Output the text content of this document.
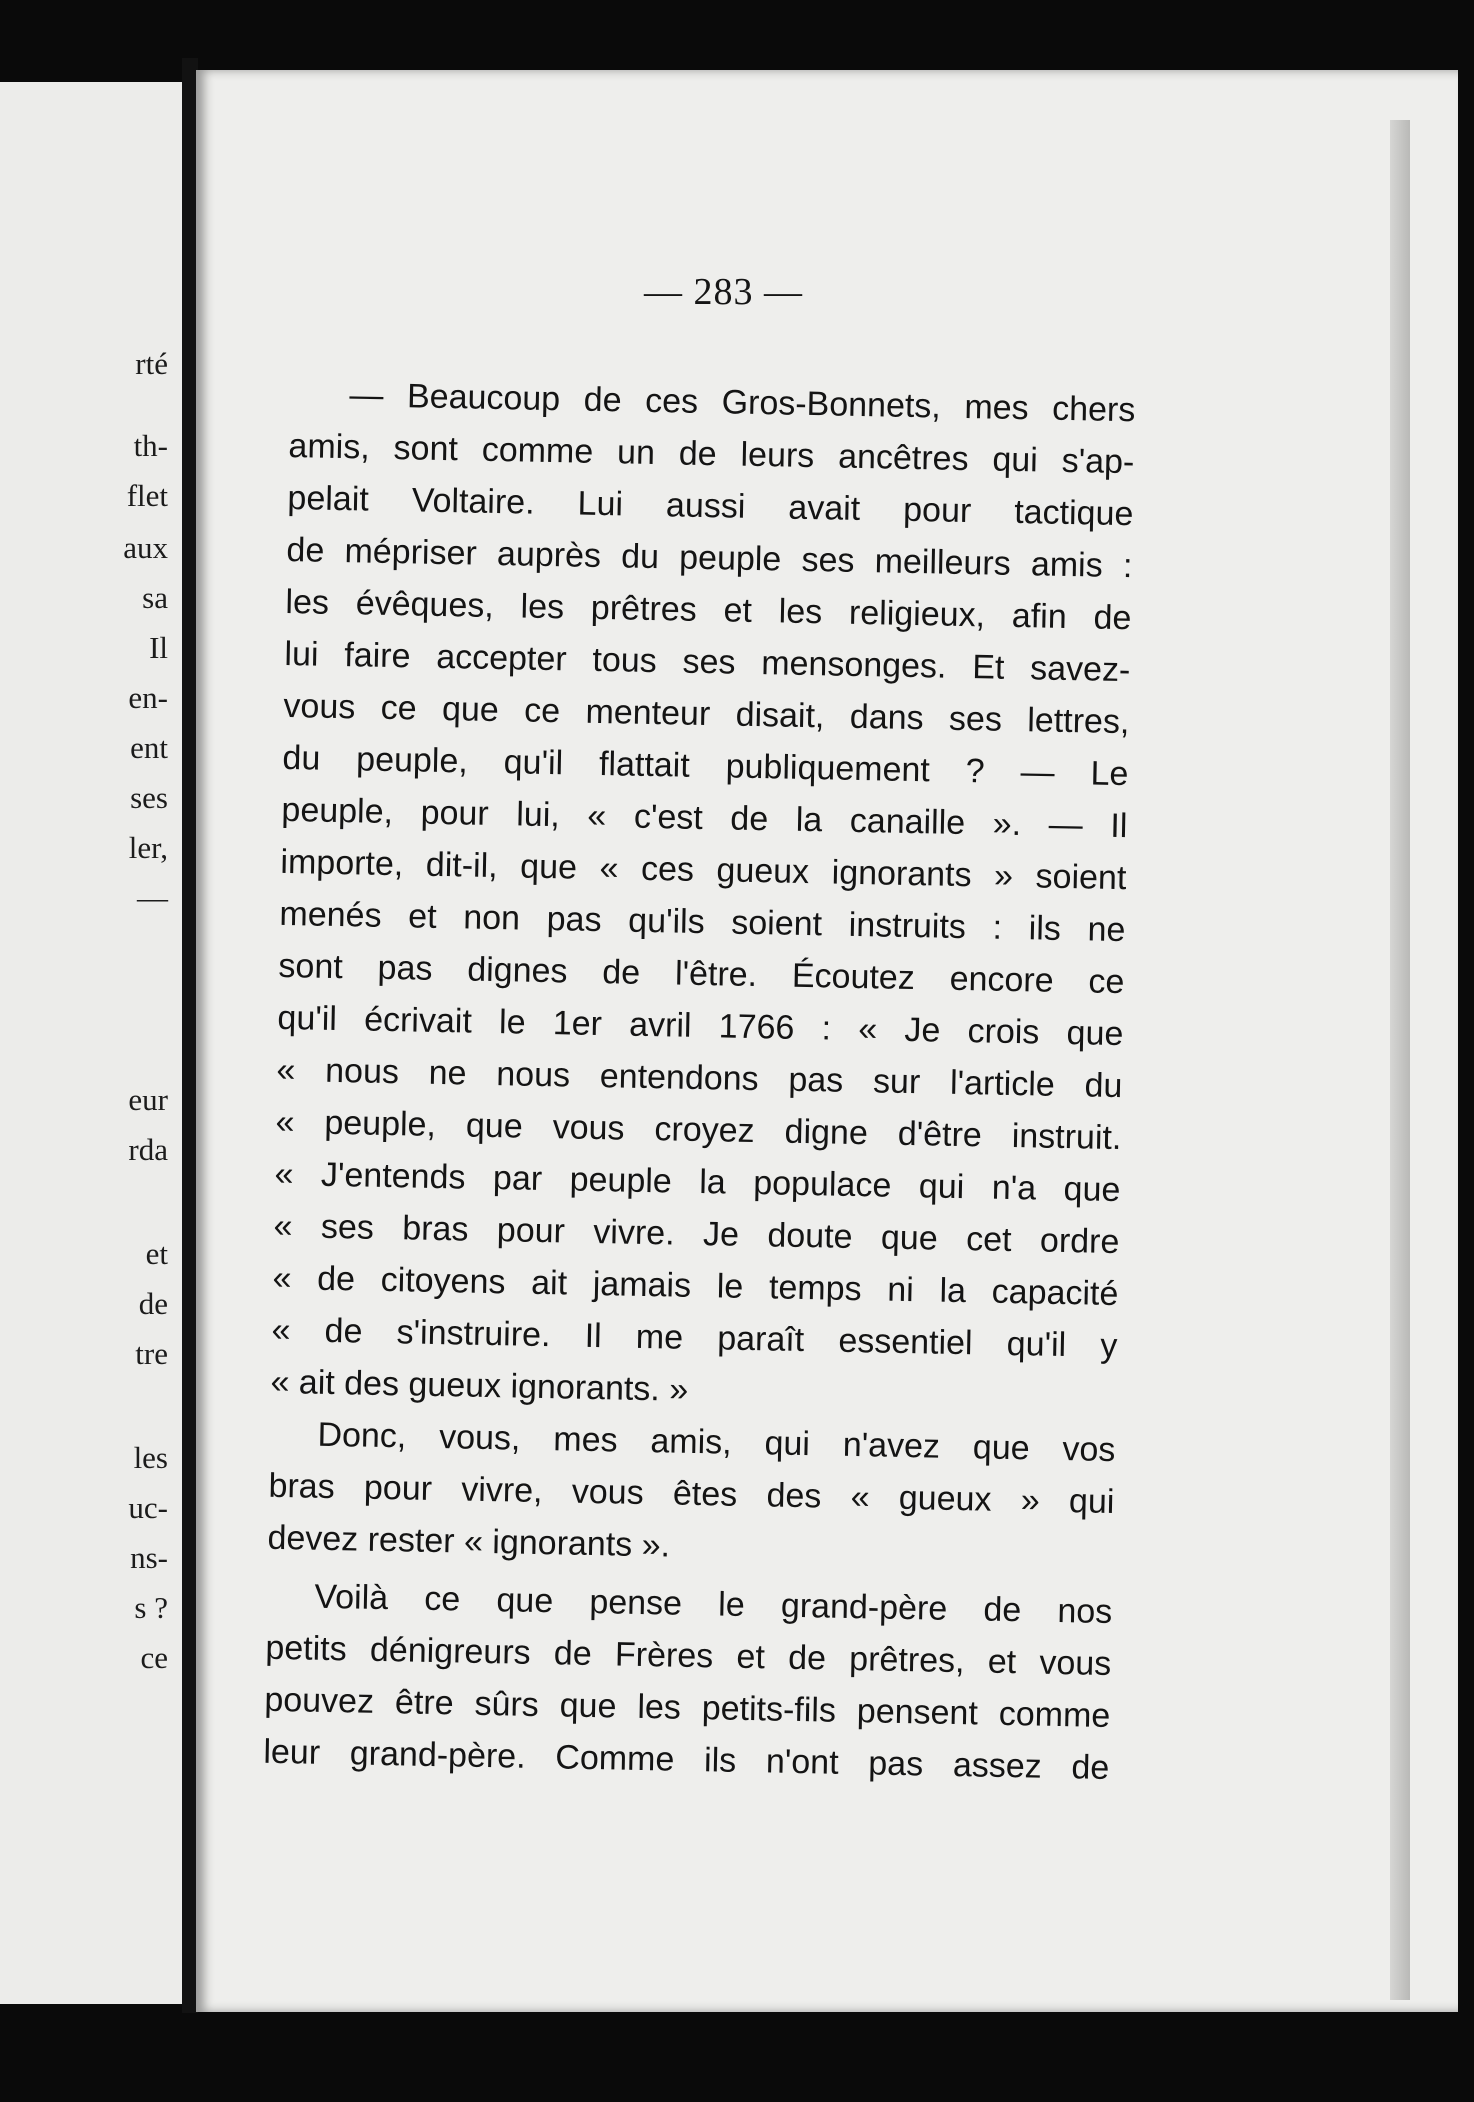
rté
th-
flet
aux
sa
Il
en-
ent
ses
ler,
—
eur
rda
et
de
tre
les
uc-
ns-
s ?
ce
— 283 —
— Beaucoup de ces Gros-Bonnets, mes chers
amis, sont comme un de leurs ancêtres qui s'ap-
pelait Voltaire. Lui aussi avait pour tactique
de mépriser auprès du peuple ses meilleurs amis :
les évêques, les prêtres et les religieux, afin de
lui faire accepter tous ses mensonges. Et savez-
vous ce que ce menteur disait, dans ses lettres,
du peuple, qu'il flattait publiquement ? — Le
peuple, pour lui, « c'est de la canaille ». — Il
importe, dit-il, que « ces gueux ignorants » soient
menés et non pas qu'ils soient instruits : ils ne
sont pas dignes de l'être. Écoutez encore ce
qu'il écrivait le 1er avril 1766 : « Je crois que
« nous ne nous entendons pas sur l'article du
« peuple, que vous croyez digne d'être instruit.
« J'entends par peuple la populace qui n'a que
« ses bras pour vivre. Je doute que cet ordre
« de citoyens ait jamais le temps ni la capacité
« de s'instruire. Il me paraît essentiel qu'il y
« ait des gueux ignorants. »
Donc, vous, mes amis, qui n'avez que vos
bras pour vivre, vous êtes des « gueux » qui
devez rester « ignorants ».
Voilà ce que pense le grand-père de nos
petits dénigreurs de Frères et de prêtres, et vous
pouvez être sûrs que les petits-fils pensent comme
leur grand-père. Comme ils n'ont pas assez de
